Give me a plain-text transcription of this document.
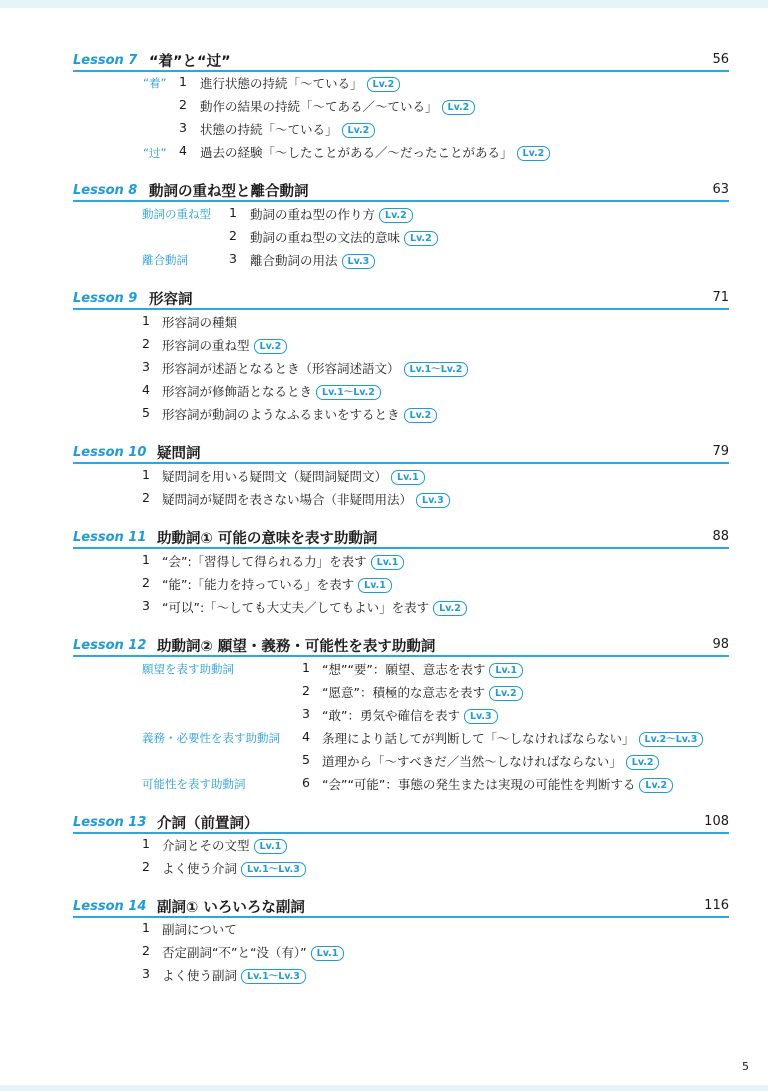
Lesson 7 “着”と“过”	56
“着” 1 進行状態の持続「～ている」 Lv.2
2 動作の結果の持続「～てある／～ている」 Lv.2
3 状態の持続「～ている」 Lv.2
“过” 4 過去の経験「～したことがある／～だったことがある」 Lv.2
Lesson 8 動詞の重ね型と離合動詞	63
動詞の重ね型 1 動詞の重ね型の作り方 Lv.2
2 動詞の重ね型の文法的意味 Lv.2
離合動詞	3 離合動詞の用法 Lv.3
Lesson 9 形容詞	71
1 形容詞の種類
2 形容詞の重ね型 Lv.2
3 形容詞が述語となるとき（形容詞述語文） Lv.1～Lv.2
4 形容詞が修飾語となるとき Lv.1～Lv.2
5 形容詞が動詞のようなふるまいをするとき Lv.2
Lesson 10 疑問詞	79
1 疑問詞を用いる疑問文（疑問詞疑問文） Lv.1
2 疑問詞が疑問を表さない場合（非疑問用法） Lv.3
Lesson 11 助動詞① 可能の意味を表す助動詞	88
1 “会”:「習得して得られる力」を表す Lv.1
2 “能”:「能力を持っている」を表す Lv.1
3 “可以”:「～しても大丈夫／してもよい」を表す Lv.2
Lesson 12 助動詞② 願望・義務・可能性を表す助動詞	98
願望を表す助動詞	1 “想”“要”：願望、意志を表す Lv.1
2 “愿意”：積極的な意志を表す Lv.2
3 “敢”：勇気や確信を表す Lv.3
義務・必要性を表す助動詞 4 条理により話してが判断して「～しなければならない」 Lv.2～Lv.3
5 道理から「～すべきだ／当然～しなければならない」 Lv.2
可能性を表す助動詞	6 “会”“可能”：事態の発生または実現の可能性を判断する Lv.2
Lesson 13 介詞（前置詞）	108
1 介詞とその文型 Lv.1
2 よく使う介詞 Lv.1～Lv.3
Lesson 14 副詞① いろいろな副詞	116
1 副詞について
2 否定副詞“不”と“没（有）” Lv.1
3 よく使う副詞 Lv.1～Lv.3
5
